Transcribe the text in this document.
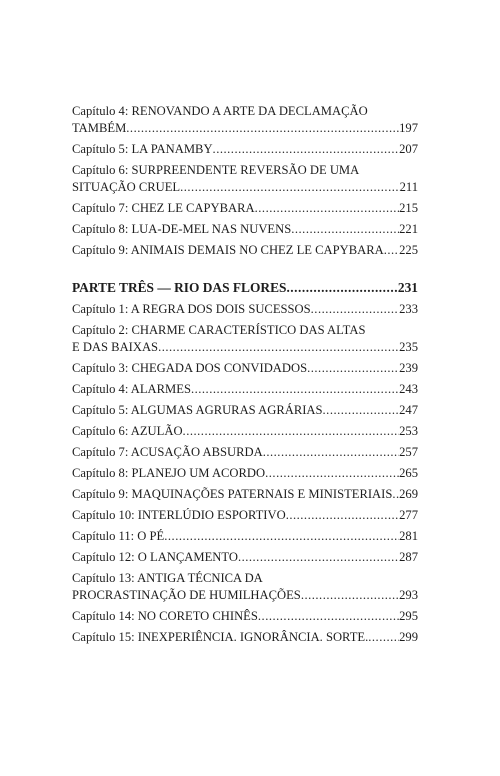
Capítulo 4: RENOVANDO A ARTE DA DECLAMAÇÃO
TAMBÉM .....	197
Capítulo 5: LA PANAMBY .....	207
Capítulo 6: SURPREENDENTE REVERSÃO DE UMA
SITUAÇÃO CRUEL .....	211
Capítulo 7: CHEZ LE CAPYBARA .....	215
Capítulo 8: LUA-DE-MEL NAS NUVENS .....	221
Capítulo 9: ANIMAIS DEMAIS NO CHEZ LE CAPYBARA ..... 225
PARTE TRÊS — RIO DAS FLORES .....	231
Capítulo 1: A REGRA DOS DOIS SUCESSOS .....	233
Capítulo 2: CHARME CARACTERÍSTICO DAS ALTAS
E DAS BAIXAS .....	235
Capítulo 3: CHEGADA DOS CONVIDADOS .....	239
Capítulo 4: ALARMES .....	243
Capítulo 5: ALGUMAS AGRURAS AGRÁRIAS .....	247
Capítulo 6: AZULÃO .....	253
Capítulo 7: ACUSAÇÃO ABSURDA .....	257
Capítulo 8: PLANEJO UM ACORDO .....	265
Capítulo 9: MAQUINAÇÕES PATERNAIS E MINISTERIAIS ..... 269
Capítulo 10: INTERLÚDIO ESPORTIVO .....	277
Capítulo 11: O PÉ .....	281
Capítulo 12: O LANÇAMENTO .....	287
Capítulo 13: ANTIGA TÉCNICA DA
PROCRASTINAÇÃO DE HUMILHAÇÕES .....	293
Capítulo 14: NO CORETO CHINÊS .....	295
Capítulo 15: INEXPERIÊNCIA. IGNORÂNCIA. SORTE. ..... 299
